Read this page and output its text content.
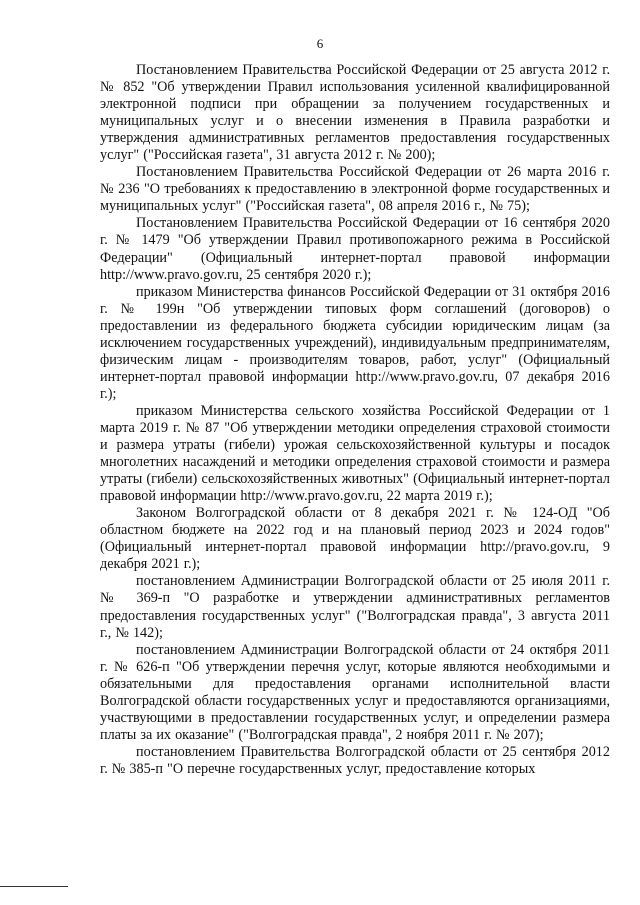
6

Постановлением Правительства Российской Федерации от 25 августа 2012 г. № 852 "Об утверждении Правил использования усиленной квалифицированной электронной подписи при обращении за получением государственных и муниципальных услуг и о внесении изменения в Правила разработки и утверждения административных регламентов предоставления государственных услуг" ("Российская газета", 31 августа 2012 г. № 200);

Постановлением Правительства Российской Федерации от 26 марта 2016 г. № 236 "О требованиях к предоставлению в электронной форме государственных и муниципальных услуг" ("Российская газета", 08 апреля 2016 г., № 75);

Постановлением Правительства Российской Федерации от 16 сентября 2020 г. № 1479 "Об утверждении Правил противопожарного режима в Российской Федерации" (Официальный интернет-портал правовой информации http://www.pravo.gov.ru, 25 сентября 2020 г.);

приказом Министерства финансов Российской Федерации от 31 октября 2016 г. № 199н "Об утверждении типовых форм соглашений (договоров) о предоставлении из федерального бюджета субсидии юридическим лицам (за исключением государственных учреждений), индивидуальным предпринимателям, физическим лицам - производителям товаров, работ, услуг" (Официальный интернет-портал правовой информации http://www.pravo.gov.ru, 07 декабря 2016 г.);

приказом Министерства сельского хозяйства Российской Федерации от 1 марта 2019 г. № 87 "Об утверждении методики определения страховой стоимости и размера утраты (гибели) урожая сельскохозяйственной культуры и посадок многолетних насаждений и методики определения страховой стоимости и размера утраты (гибели) сельскохозяйственных животных" (Официальный интернет-портал правовой информации http://www.pravo.gov.ru, 22 марта 2019 г.);

Законом Волгоградской области от 8 декабря 2021 г. № 124-ОД "Об областном бюджете на 2022 год и на плановый период 2023 и 2024 годов" (Официальный интернет-портал правовой информации http://pravo.gov.ru, 9 декабря 2021 г.);

постановлением Администрации Волгоградской области от 25 июля 2011 г. № 369-п "О разработке и утверждении административных регламентов предоставления государственных услуг" ("Волгоградская правда", 3 августа 2011 г., № 142);

постановлением Администрации Волгоградской области от 24 октября 2011 г. № 626-п "Об утверждении перечня услуг, которые являются необходимыми и обязательными для предоставления органами исполнительной власти Волгоградской области государственных услуг и предоставляются организациями, участвующими в предоставлении государственных услуг, и определении размера платы за их оказание" ("Волгоградская правда", 2 ноября 2011 г. № 207);

постановлением Правительства Волгоградской области от 25 сентября 2012 г. № 385-п "О перечне государственных услуг, предоставление которых
